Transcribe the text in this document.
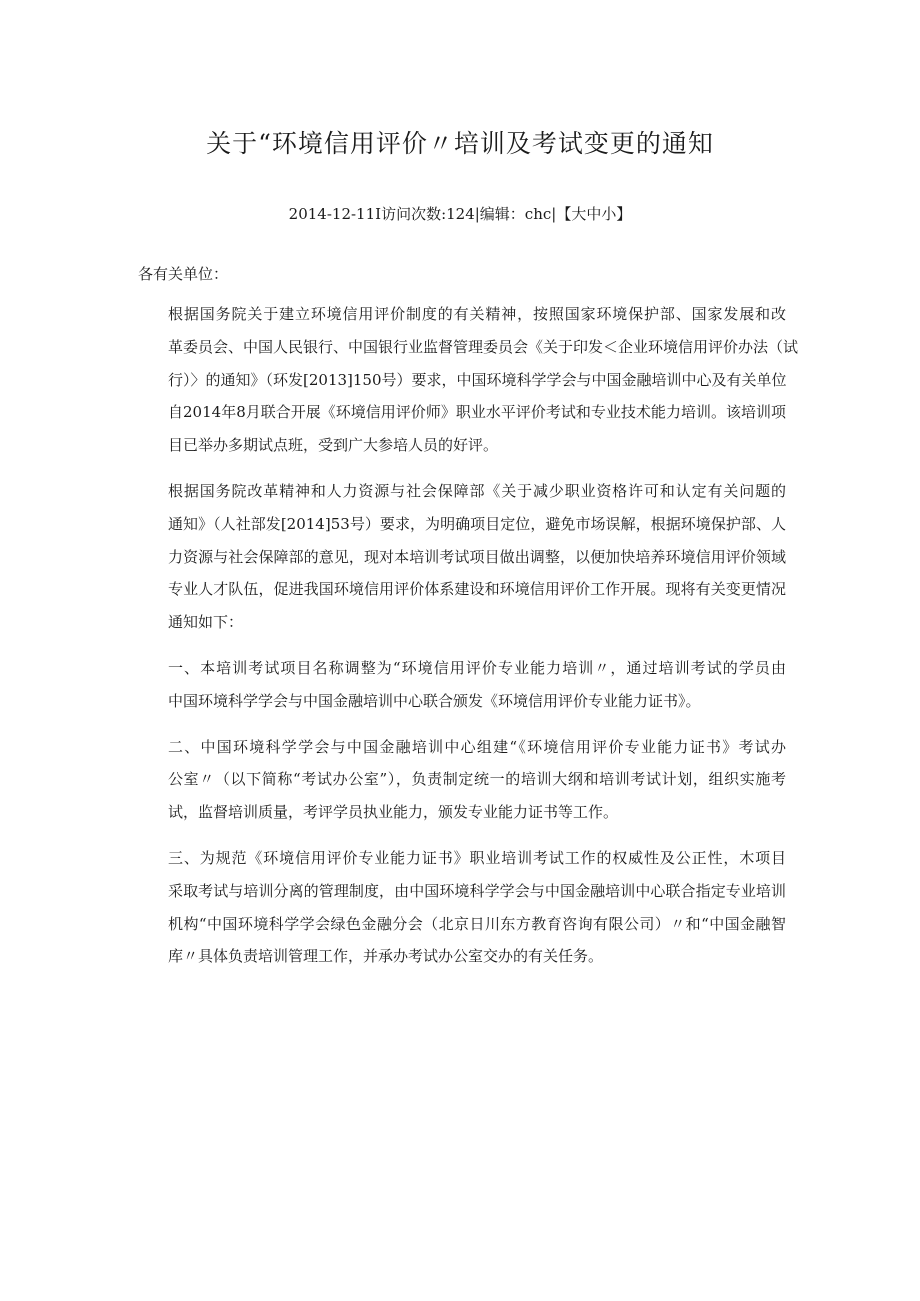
关于“环境信用评价〃培训及考试变更的通知
2014-12-11I访问次数:124|编辑：chc|【大中小】
各有关单位：

根据国务院关于建立环境信用评价制度的有关精神，按照国家环境保护部、国家发展和改
革委员会、中国人民银行、中国银行业监督管理委员会《关于印发＜企业环境信用评价办法（试
行）〉的通知》（环发[2013]150号）要求，中国环境科学学会与中国金融培训中心及有关单位
自2014年8月联合开展《环境信用评价师》职业水平评价考试和专业技术能力培训。该培训项
目已举办多期试点班，受到广大参培人员的好评。

根据国务院改革精神和人力资源与社会保障部《关于减少职业资格许可和认定有关问题的
通知》（人社部发[2014]53号）要求，为明确项目定位，避免市场误解，根据环境保护部、人
力资源与社会保障部的意见，现对本培训考试项目做出调整，以便加快培养环境信用评价领域
专业人才队伍，促进我国环境信用评价体系建设和环境信用评价工作开展。现将有关变更情况
通知如下：

一、本培训考试项目名称调整为“环境信用评价专业能力培训〃，通过培训考试的学员由
中国环境科学学会与中国金融培训中心联合颁发《环境信用评价专业能力证书》。

二、中国环境科学学会与中国金融培训中心组建“《环境信用评价专业能力证书》考试办
公室〃（以下简称“考试办公室”），负责制定统一的培训大纲和培训考试计划，组织实施考
试，监督培训质量，考评学员执业能力，颁发专业能力证书等工作。

三、为规范《环境信用评价专业能力证书》职业培训考试工作的权威性及公正性，木项目
采取考试与培训分离的管理制度，由中国环境科学学会与中国金融培训中心联合指定专业培训
机构“中国环境科学学会绿色金融分会（北京日川东方教育咨询有限公司）〃和“中国金融智
库〃具体负责培训管理工作，并承办考试办公室交办的有关任务。
